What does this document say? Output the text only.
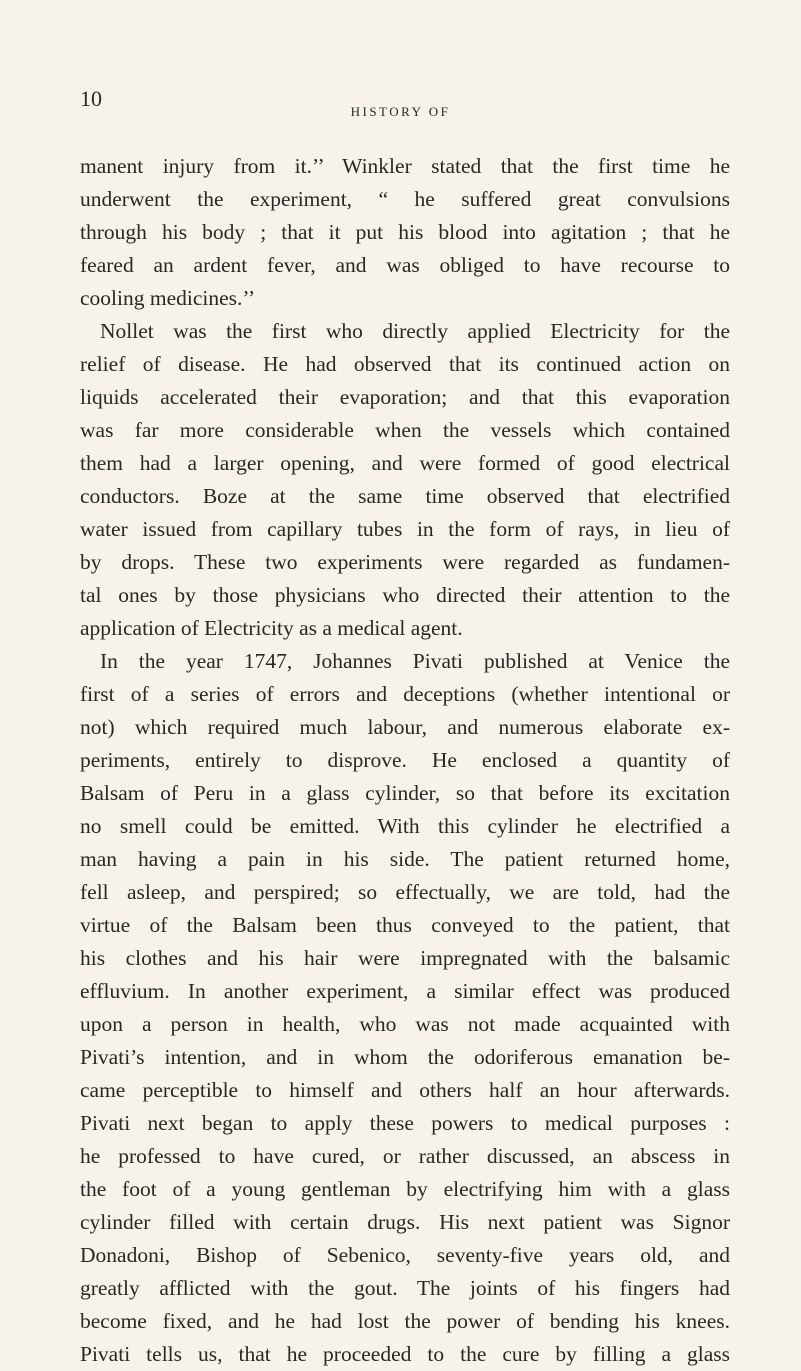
10
HISTORY OF
manent injury from it.’’ Winkler stated that the first time he
underwent the experiment, “ he suffered great convulsions
through his body ; that it put his blood into agitation ; that he
feared an ardent fever, and was obliged to have recourse to
cooling medicines.’’
Nollet was the first who directly applied Electricity for the
relief of disease. He had observed that its continued action on
liquids accelerated their evaporation; and that this evaporation
was far more considerable when the vessels which contained
them had a larger opening, and were formed of good electrical
conductors. Boze at the same time observed that electrified
water issued from capillary tubes in the form of rays, in lieu of
by drops. These two experiments were regarded as fundamen-
tal ones by those physicians who directed their attention to the
application of Electricity as a medical agent.
In the year 1747, Johannes Pivati published at Venice the
first of a series of errors and deceptions (whether intentional or
not) which required much labour, and numerous elaborate ex-
periments, entirely to disprove. He enclosed a quantity of
Balsam of Peru in a glass cylinder, so that before its excitation
no smell could be emitted. With this cylinder he electrified a
man having a pain in his side. The patient returned home,
fell asleep, and perspired; so effectually, we are told, had the
virtue of the Balsam been thus conveyed to the patient, that
his clothes and his hair were impregnated with the balsamic
effluvium. In another experiment, a similar effect was produced
upon a person in health, who was not made acquainted with
Pivati’s intention, and in whom the odoriferous emanation be-
came perceptible to himself and others half an hour afterwards.
Pivati next began to apply these powers to medical purposes :
he professed to have cured, or rather discussed, an abscess in
the foot of a young gentleman by electrifying him with a glass
cylinder filled with certain drugs. His next patient was Signor
Donadoni, Bishop of Sebenico, seventy-five years old, and
greatly afflicted with the gout. The joints of his fingers had
become fixed, and he had lost the power of bending his knees.
Pivati tells us, that he proceeded to the cure by filling a glass
